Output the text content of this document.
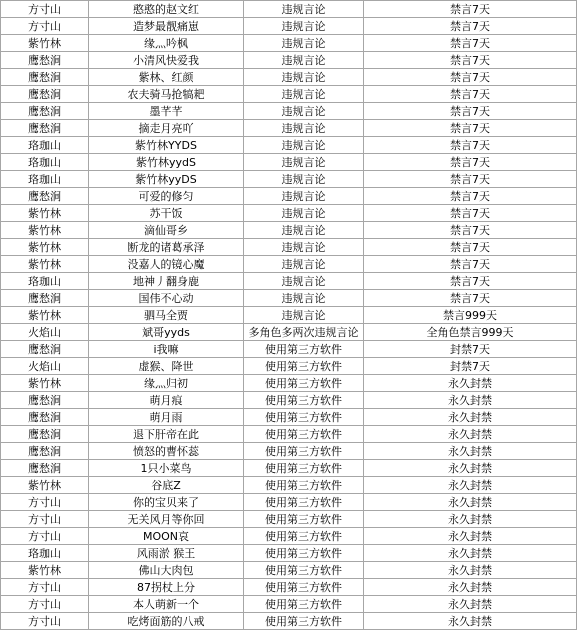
方寸山	憨憨的赵文红	违规言论	禁言7天
方寸山	造梦最靓痛崽	违规言论	禁言7天
紫竹林	缘灬吟枫	违规言论	禁言7天
鹰愁涧	小清风快爱我	违规言论	禁言7天
鹰愁涧	紫林、红颜	违规言论	禁言7天
鹰愁涧	农夫骑马抢犒耙	违规言论	禁言7天
鹰愁涧	墨芊芊	违规言论	禁言7天
鹰愁涧	摘走月亮吖	违规言论	禁言7天
珞珈山	紫竹林YYDS	违规言论	禁言7天
珞珈山	紫竹林yydS	违规言论	禁言7天
珞珈山	紫竹林yyDS	违规言论	禁言7天
鹰愁涧	可爱的修匀	违规言论	禁言7天
紫竹林	苏干饭	违规言论	禁言7天
紫竹林	滴仙哥乡	违规言论	禁言7天
紫竹林	断龙的诸葛承泽	违规言论	禁言7天
紫竹林	没嘉人的镜心魔	违规言论	禁言7天
珞珈山	地神丿翻身鹿	违规言论	禁言7天
鹰愁涧	国伟不心动	违规言论	禁言7天
紫竹林	驷马全贾	违规言论	禁言999天
火焰山	斌哥yyds	多角色多两次违规言论	全角色禁言999天
鹰愁涧	i我嘛	使用第三方软件	封禁7天
火焰山	虚猴、降世	使用第三方软件	封禁7天
紫竹林	缘灬归初	使用第三方软件	永久封禁
鹰愁涧	萌月痕	使用第三方软件	永久封禁
鹰愁涧	萌月雨	使用第三方软件	永久封禁
鹰愁涧	退下肝帝在此	使用第三方软件	永久封禁
鹰愁涧	愤怒的曹怀蕊	使用第三方软件	永久封禁
鹰愁涧	1只小菜鸟	使用第三方软件	永久封禁
紫竹林	谷底Z	使用第三方软件	永久封禁
方寸山	你的宝贝来了	使用第三方软件	永久封禁
方寸山	无关风月等你回	使用第三方软件	永久封禁
方寸山	MOON哀	使用第三方软件	永久封禁
珞珈山	风雨淤 猴王	使用第三方软件	永久封禁
紫竹林	佛山大肉包	使用第三方软件	永久封禁
方寸山	87拐杖上分	使用第三方软件	永久封禁
方寸山	本人萌新一个	使用第三方软件	永久封禁
方寸山	吃烤面筋的八戒	使用第三方软件	永久封禁
